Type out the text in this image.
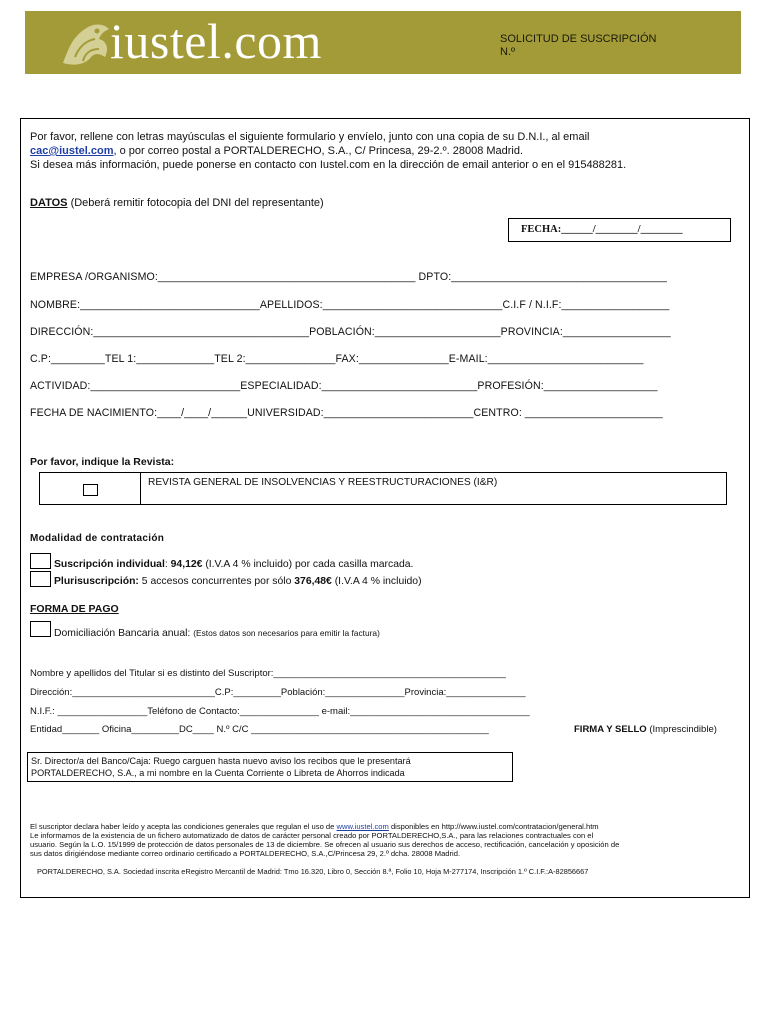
iustel.com	SOLICITUD DE SUSCRIPCIÓN
N.º
Por favor, rellene con letras mayúsculas el siguiente formulario y envíelo, junto con una copia de su D.N.I., al email
cac@iustel.com, o por correo postal a PORTALDERECHO, S.A., C/ Princesa, 29-2.º. 28008 Madrid.
Si desea más información, puede ponerse en contacto con Iustel.com en la dirección de email anterior o en el 915488281.
DATOS (Deberá remitir fotocopia del DNI del representante)
FECHA:______/________/________
EMPRESA /ORGANISMO:___________________________________________ DPTO:____________________________________
NOMBRE:______________________________APELLIDOS:______________________________C.I.F / N.I.F:__________________
DIRECCIÓN:____________________________________POBLACIÓN:_____________________PROVINCIA:__________________
C.P:_________TEL 1:_____________TEL 2:_______________FAX:_______________E-MAIL:__________________________
ACTIVIDAD:_________________________ESPECIALIDAD:__________________________PROFESIÓN:___________________
FECHA DE NACIMIENTO:____/____/______UNIVERSIDAD:_________________________CENTRO: _______________________
Por favor, indique la Revista:
REVISTA GENERAL DE INSOLVENCIAS Y REESTRUCTURACIONES (I&R)
Modalidad de contratación
Suscripción individual: 94,12€ (I.V.A 4 % incluido) por cada casilla marcada.
Plurisuscripción: 5 accesos concurrentes por sólo 376,48€ (I.V.A 4 % incluido)
FORMA DE PAGO
Domiciliación Bancaria anual: (Estos datos son necesarios para emitir la factura)
Nombre y apellidos del Titular si es distinto del Suscriptor:____________________________________________
Dirección:___________________________C.P:_________Población:_______________Provincia:_______________
N.I.F.: _________________Teléfono de Contacto:_______________ e-mail:__________________________________
Entidad_______ Oficina_________DC____ N.º C/C _____________________________________________	FIRMA Y SELLO (Imprescindible)
Sr. Director/a del Banco/Caja: Ruego carguen hasta nuevo aviso los recibos que le presentará
PORTALDERECHO, S.A., a mi nombre en la Cuenta Corriente o Libreta de Ahorros indicada
El suscriptor declara haber leído y acepta las condiciones generales que regulan el uso de www.iustel.com disponibles en http://www.iustel.com/contratacion/general.htm
Le informamos de la existencia de un fichero automatizado de datos de carácter personal creado por PORTALDERECHO,S.A., para las relaciones contractuales con el
usuario. Según la L.O. 15/1999 de protección de datos personales de 13 de diciembre. Se ofrecen al usuario sus derechos de acceso, rectificación, cancelación y oposición de
sus datos dirigiéndose mediante correo ordinario certificado a PORTALDERECHO, S.A.,C/Princesa 29, 2.º dcha. 28008 Madrid.
PORTALDERECHO, S.A. Sociedad inscrita eRegistro Mercantil de Madrid: Tmo 16.320, Libro 0, Sección 8.ª, Folio 10, Hoja M-277174, Inscripción 1.º C.I.F.:A-82856667
